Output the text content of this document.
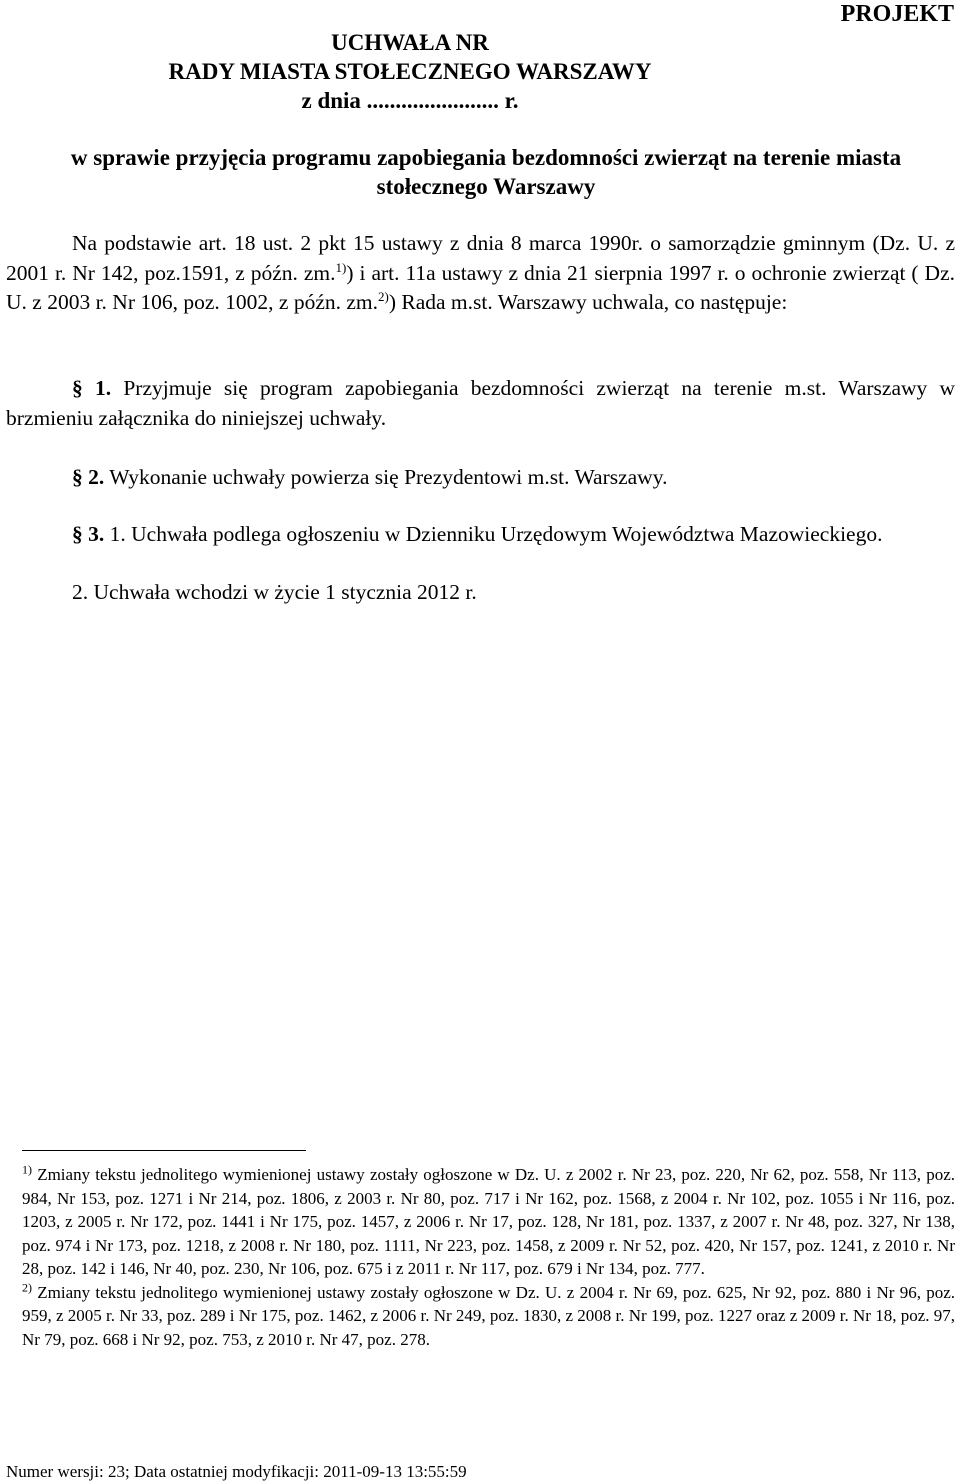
PROJEKT
UCHWAŁA NR
RADY MIASTA STOŁECZNEGO WARSZAWY
z dnia ....................... r.
w sprawie przyjęcia programu zapobiegania bezdomności zwierząt na terenie miasta
stołecznego Warszawy
Na podstawie art. 18 ust. 2 pkt 15 ustawy z dnia 8 marca 1990r. o samorządzie gminnym (Dz. U. z 2001 r. Nr 142, poz.1591, z późn. zm.$^{1)}$) i art. 11a ustawy z dnia 21 sierpnia 1997 r. o ochronie zwierząt ( Dz. U. z 2003 r. Nr 106, poz. 1002, z późn. zm.$^{2)}$) Rada m.st. Warszawy uchwala, co następuje:
§ 1. Przyjmuje się program zapobiegania bezdomności zwierząt na terenie m.st. Warszawy w brzmieniu załącznika do niniejszej uchwały.
§ 2. Wykonanie uchwały powierza się Prezydentowi m.st. Warszawy.
§ 3. 1. Uchwała podlega ogłoszeniu w Dzienniku Urzędowym Województwa Mazowieckiego.
2. Uchwała wchodzi w życie 1 stycznia 2012 r.
$^{1)}$ Zmiany tekstu jednolitego wymienionej ustawy zostały ogłoszone w Dz. U. z 2002 r. Nr 23, poz. 220, Nr 62, poz. 558, Nr 113, poz. 984, Nr 153, poz. 1271 i Nr 214, poz. 1806, z 2003 r. Nr 80, poz. 717 i Nr 162, poz. 1568, z 2004 r. Nr 102, poz. 1055 i Nr 116, poz. 1203, z 2005 r. Nr 172, poz. 1441 i Nr 175, poz. 1457, z 2006 r. Nr 17, poz. 128, Nr 181, poz. 1337, z 2007 r. Nr 48, poz. 327, Nr 138, poz. 974 i Nr 173, poz. 1218, z 2008 r. Nr 180, poz. 1111, Nr 223, poz. 1458, z 2009 r. Nr 52, poz. 420, Nr 157, poz. 1241, z 2010 r. Nr 28, poz. 142 i 146, Nr 40, poz. 230, Nr 106, poz. 675 i z 2011 r. Nr 117, poz. 679 i Nr 134, poz. 777.
$^{2)}$ Zmiany tekstu jednolitego wymienionej ustawy zostały ogłoszone w Dz. U. z 2004 r. Nr 69, poz. 625, Nr 92, poz. 880 i Nr 96, poz. 959, z 2005 r. Nr 33, poz. 289 i Nr 175, poz. 1462, z 2006 r. Nr 249, poz. 1830, z 2008 r. Nr 199, poz. 1227 oraz z 2009 r. Nr 18, poz. 97, Nr 79, poz. 668 i Nr 92, poz. 753, z 2010 r. Nr 47, poz. 278.
Numer wersji: 23; Data ostatniej modyfikacji: 2011-09-13 13:55:59
